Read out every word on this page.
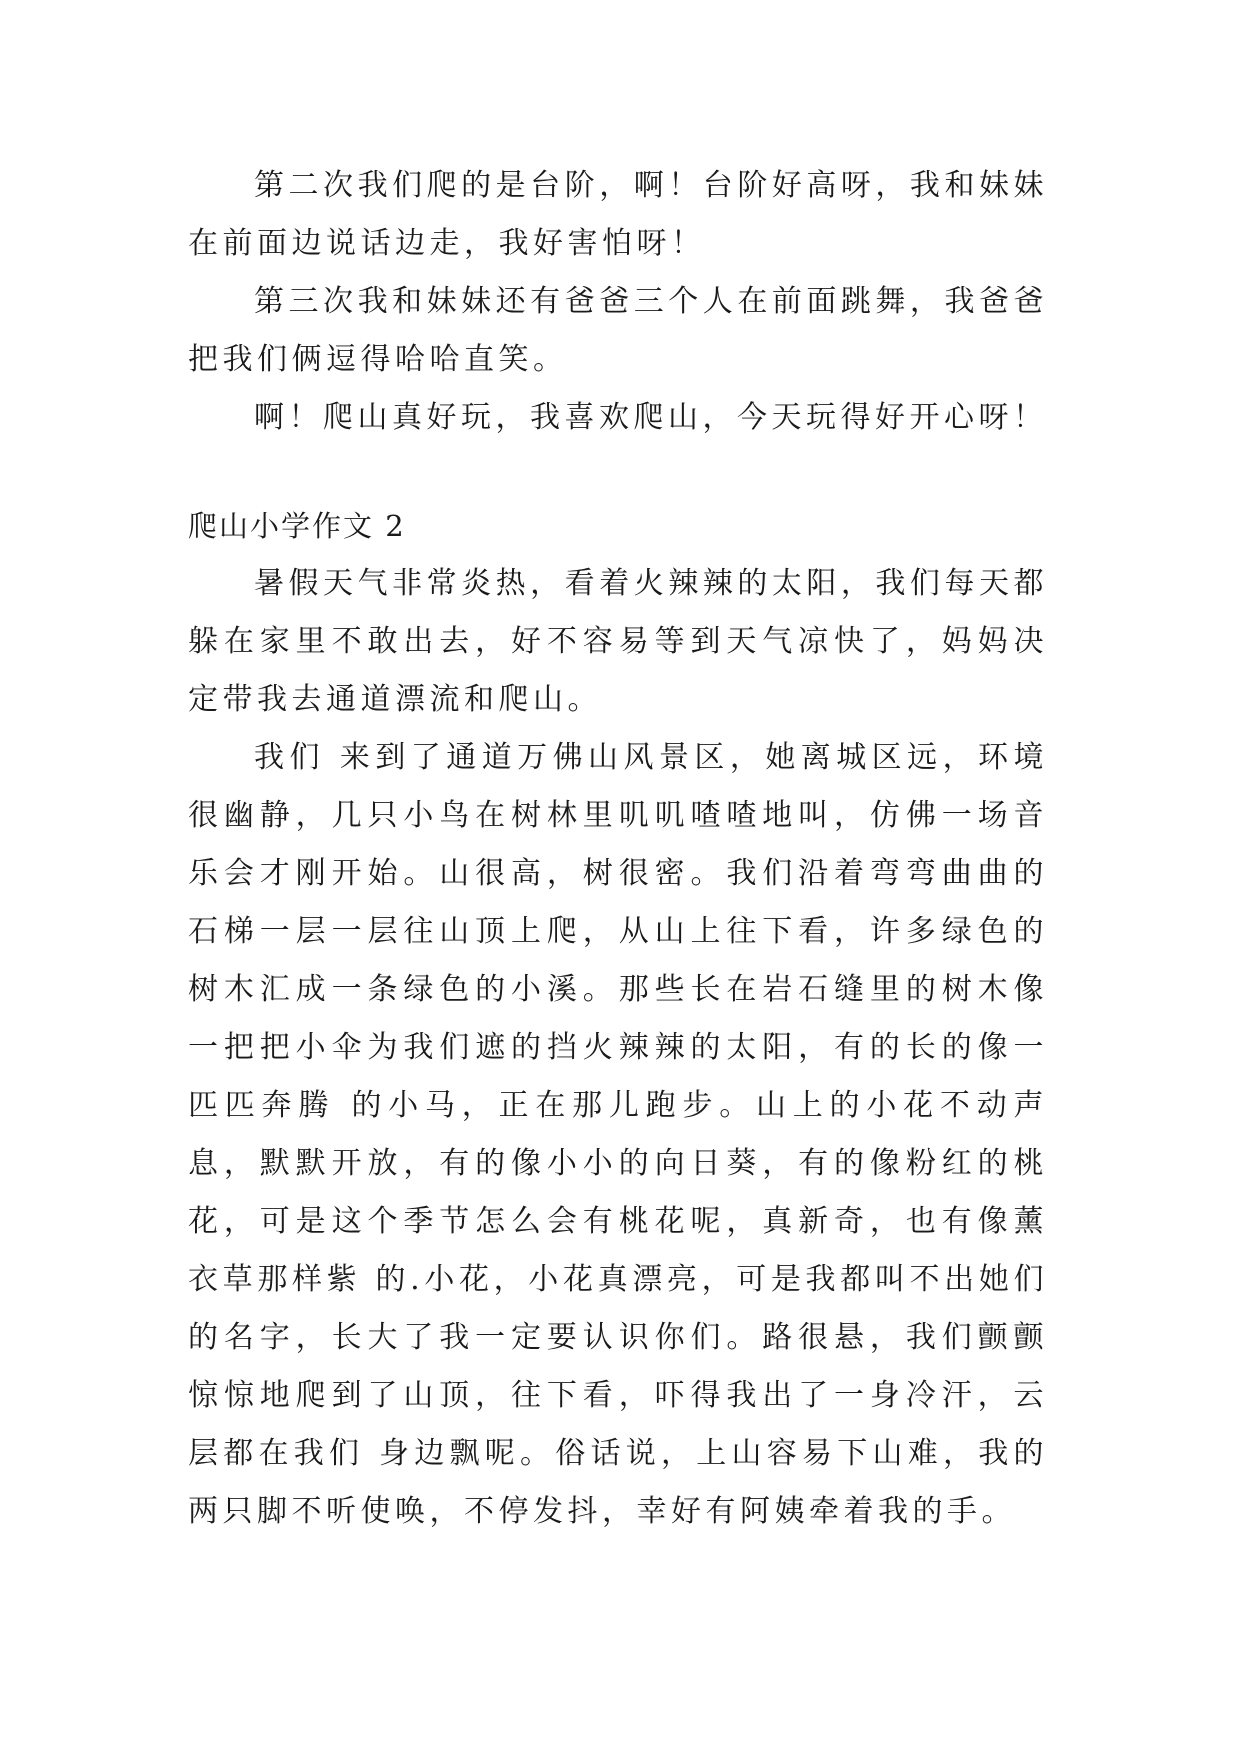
第二次我们爬的是台阶，啊！台阶好高呀，我和妹妹在前面边说话边走，我好害怕呀！

第三次我和妹妹还有爸爸三个人在前面跳舞，我爸爸把我们俩逗得哈哈直笑。

啊！爬山真好玩，我喜欢爬山，今天玩得好开心呀！

爬山小学作文 2

暑假天气非常炎热，看着火辣辣的太阳，我们每天都躲在家里不敢出去，好不容易等到天气凉快了，妈妈决定带我去通道漂流和爬山。

我们 来到了通道万佛山风景区，她离城区远，环境很幽静，几只小鸟在树林里叽叽喳喳地叫，仿佛一场音乐会才刚开始。山很高，树很密。我们沿着弯弯曲曲的石梯一层一层往山顶上爬，从山上往下看，许多绿色的树木汇成一条绿色的小溪。那些长在岩石缝里的树木像一把把小伞为我们遮的挡火辣辣的太阳，有的长的像一匹匹奔腾 的小马，正在那儿跑步。山上的小花不动声息，默默开放，有的像小小的向日葵，有的像粉红的桃花，可是这个季节怎么会有桃花呢，真新奇，也有像薰衣草那样紫 的.小花，小花真漂亮，可是我都叫不出她们的名字，长大了我一定要认识你们。路很悬，我们颤颤惊惊地爬到了山顶，往下看，吓得我出了一身冷汗，云层都在我们 身边飘呢。俗话说，上山容易下山难，我的两只脚不听使唤，不停发抖，幸好有阿姨牵着我的手。
